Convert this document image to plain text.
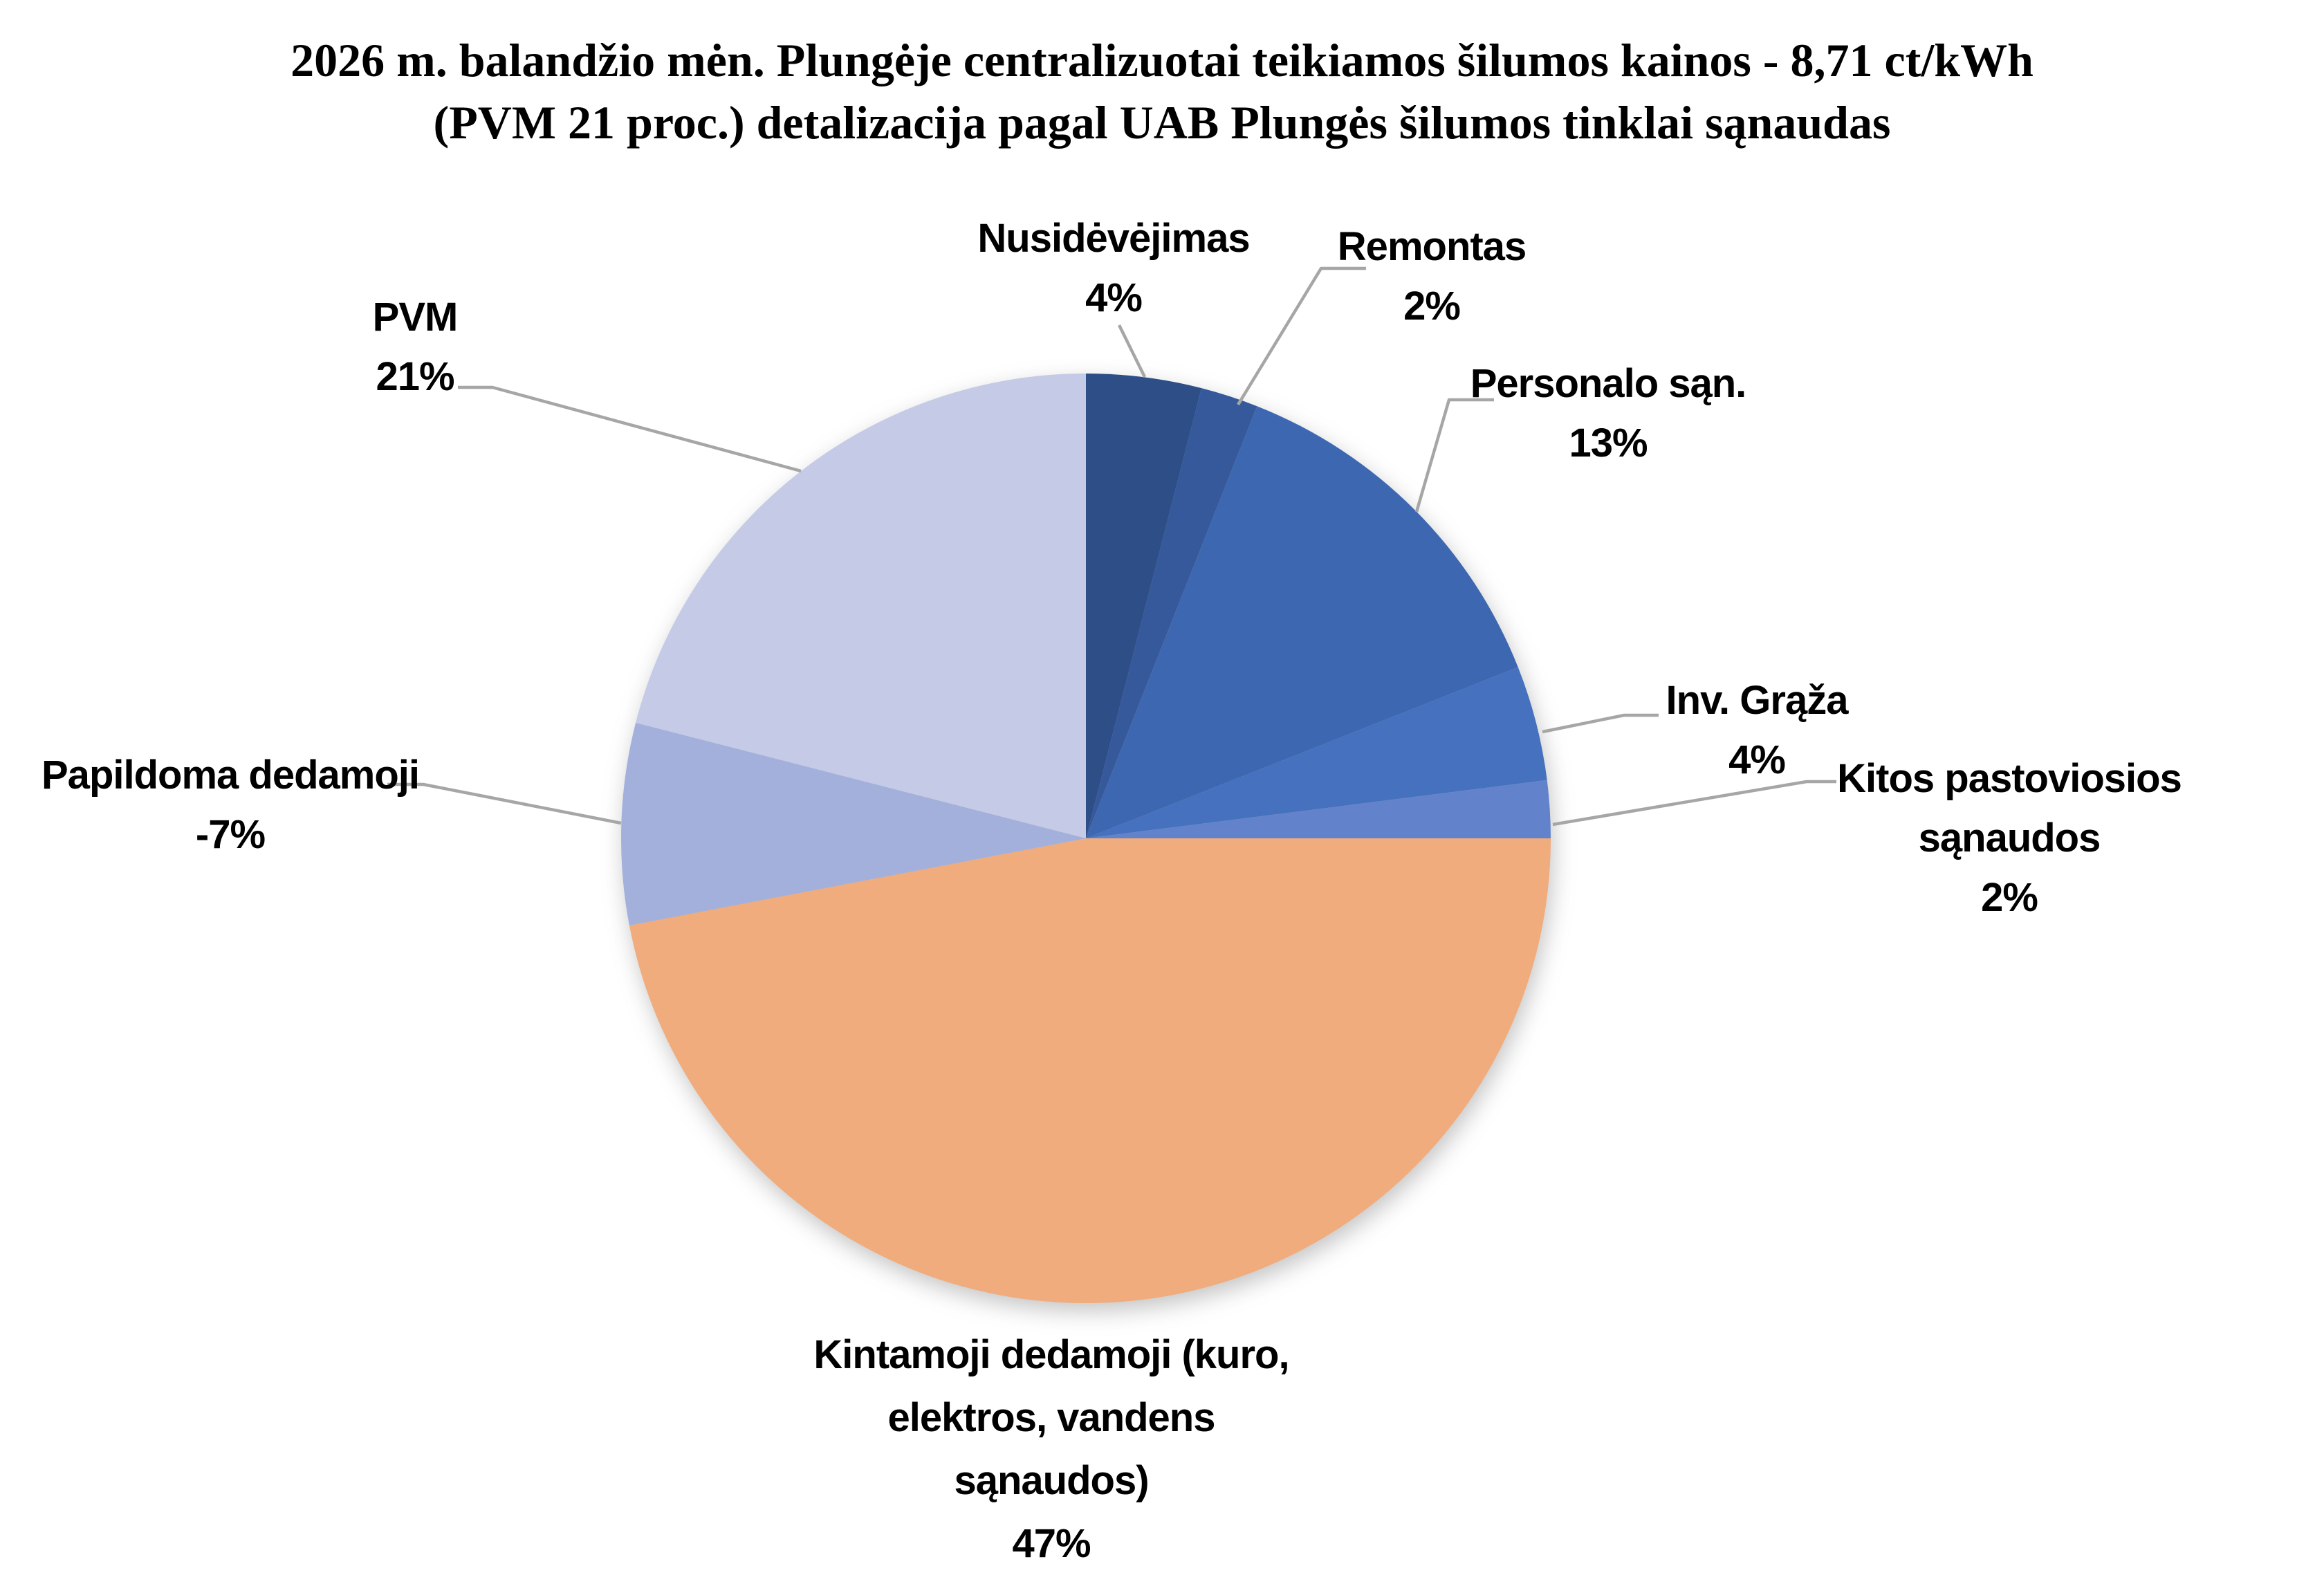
2026 m. balandžio mėn. Plungėje centralizuotai teikiamos šilumos kainos - 8,71 ct/kWh
(PVM 21 proc.) detalizacija pagal UAB Plungės šilumos tinklai sąnaudas
Nusidėvėjimas
4%
Remontas
2%
Personalo sąn.
13%
Inv. Grąža
4%	Kitos pastoviosios
sąnaudos
2%
Kintamoji dedamoji (kuro,
elektros, vandens
sąnaudos)
47%
Papildoma dedamoji
-7%
PVM
21%
